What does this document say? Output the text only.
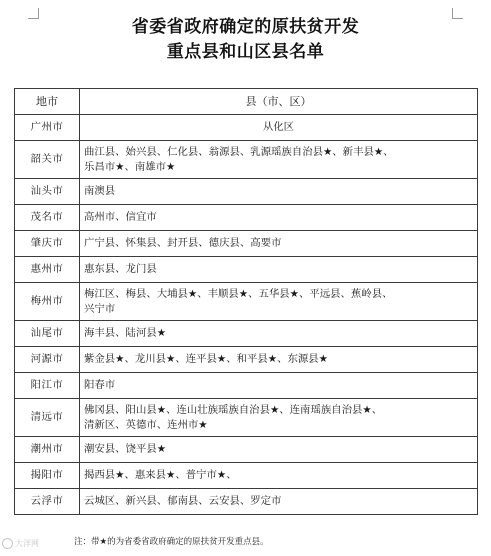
省委省政府确定的原扶贫开发
重点县和山区县名单
地市	县（市、区）
广州市	从化区
韶关市	曲江县、始兴县、仁化县、翁源县、乳源瑶族自治县★、新丰县★、
乐昌市★、南雄市★

汕头市	南澳县
茂名市	高州市、信宜市
肇庆市	广宁县、怀集县、封开县、德庆县、高要市
惠州市	惠东县、龙门县
梅州市	梅江区、梅县、大埔县★、丰顺县★、五华县★、平远县、蕉岭县、
兴宁市

汕尾市	海丰县、陆河县★
河源市	紫金县★、龙川县★、连平县★、和平县★、东源县★
阳江市	阳春市
清远市	佛冈县、阳山县★、连山壮族瑶族自治县★、连南瑶族自治县★、
清新区、英德市、连州市★

潮州市	潮安县、饶平县★
揭阳市	揭西县★、惠来县★、普宁市★、
云浮市	云城区、新兴县、郁南县、云安县、罗定市
注：带★的为省委省政府确定的原扶贫开发重点县。
大洋网
